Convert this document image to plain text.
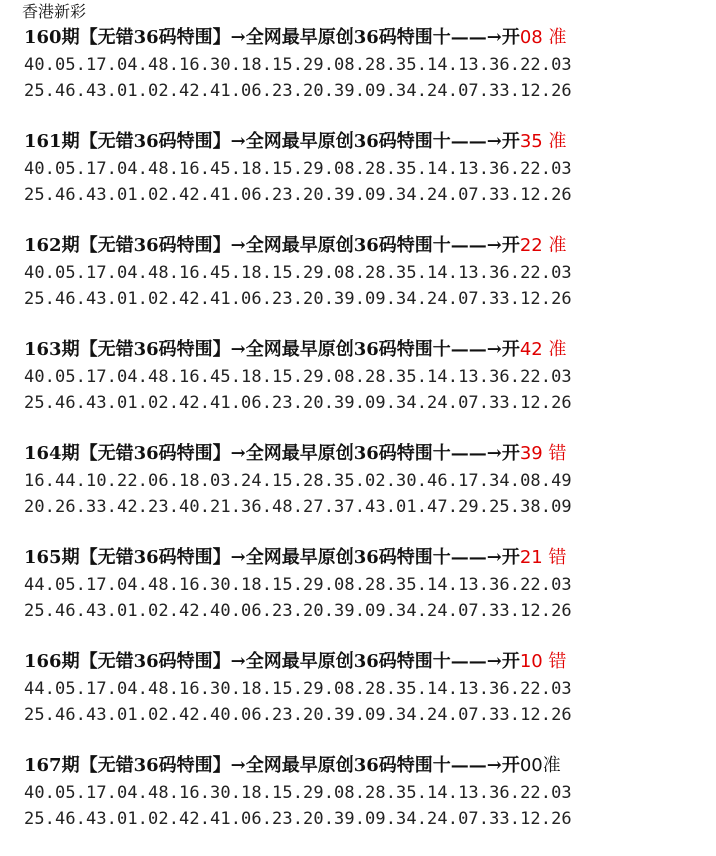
香港新彩
160期【无错36码特围】→全网最早原创36码特围十——→开08 准
40.05.17.04.48.16.30.18.15.29.08.28.35.14.13.36.22.03
25.46.43.01.02.42.41.06.23.20.39.09.34.24.07.33.12.26
161期【无错36码特围】→全网最早原创36码特围十——→开35 准
40.05.17.04.48.16.45.18.15.29.08.28.35.14.13.36.22.03
25.46.43.01.02.42.41.06.23.20.39.09.34.24.07.33.12.26
162期【无错36码特围】→全网最早原创36码特围十——→开22 准
40.05.17.04.48.16.45.18.15.29.08.28.35.14.13.36.22.03
25.46.43.01.02.42.41.06.23.20.39.09.34.24.07.33.12.26
163期【无错36码特围】→全网最早原创36码特围十——→开42 准
40.05.17.04.48.16.45.18.15.29.08.28.35.14.13.36.22.03
25.46.43.01.02.42.41.06.23.20.39.09.34.24.07.33.12.26
164期【无错36码特围】→全网最早原创36码特围十——→开39 错
16.44.10.22.06.18.03.24.15.28.35.02.30.46.17.34.08.49
20.26.33.42.23.40.21.36.48.27.37.43.01.47.29.25.38.09
165期【无错36码特围】→全网最早原创36码特围十——→开21 错
44.05.17.04.48.16.30.18.15.29.08.28.35.14.13.36.22.03
25.46.43.01.02.42.40.06.23.20.39.09.34.24.07.33.12.26
166期【无错36码特围】→全网最早原创36码特围十——→开10 错
44.05.17.04.48.16.30.18.15.29.08.28.35.14.13.36.22.03
25.46.43.01.02.42.40.06.23.20.39.09.34.24.07.33.12.26
167期【无错36码特围】→全网最早原创36码特围十——→开00准
40.05.17.04.48.16.30.18.15.29.08.28.35.14.13.36.22.03
25.46.43.01.02.42.41.06.23.20.39.09.34.24.07.33.12.26
